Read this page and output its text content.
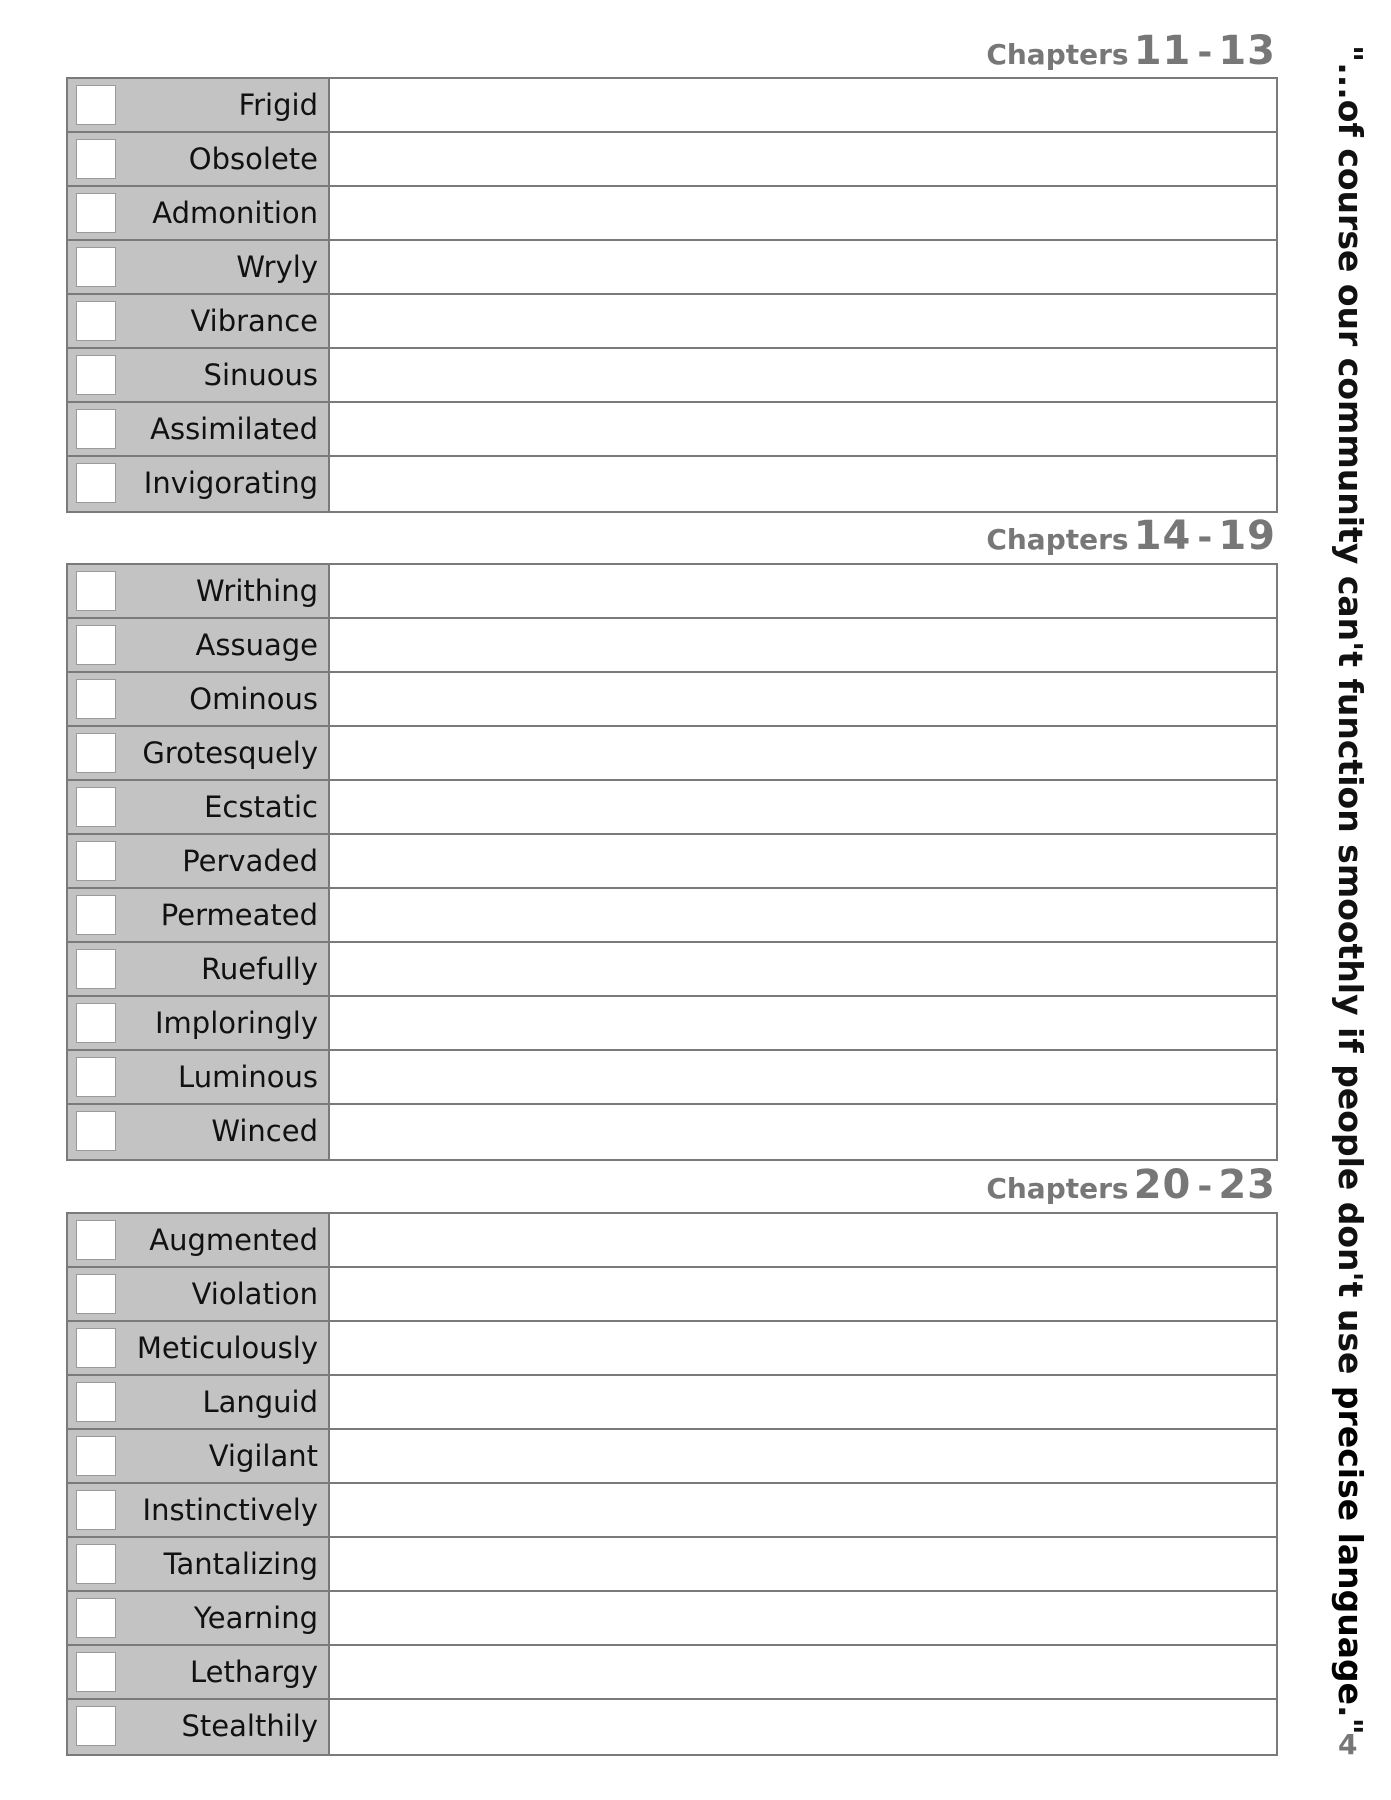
Chapters 11 - 13
Frigid
Obsolete
Admonition
Wryly
Vibrance
Sinuous
Assimilated
Invigorating
Chapters 14 - 19
Writhing
Assuage
Ominous
Grotesquely
Ecstatic
Pervaded
Permeated
Ruefully
Imploringly
Luminous
Winced
Chapters 20 - 23
Augmented
Violation
Meticulously
Languid
Vigilant
Instinctively
Tantalizing
Yearning
Lethargy
Stealthily
"...of course our community can't function smoothly if people don't use precise language."
4
